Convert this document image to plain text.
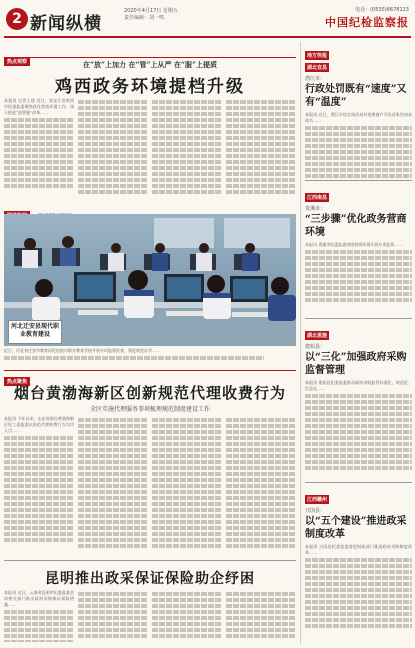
2 新闻纵横
2020年4月17日 星期五
责任编辑：刘一鸣
电话：(0535)6678123
中国纪检监察报
热点观察	在“放”上加力 在“管”上从严 在“服”上提质
鸡西政务环境提档升级
本报讯 记者王建 近日，黑龙江省鸡西市纪委监委聚焦优化营商环境工作，深入推进“放管服”改革……
河北迁安县现代职业教育建设
近日，河北省迁安市教育局纪检组对职业教育学校开展专项监督检查，督促规范办学……
热点聚焦
烟台黄渤海新区创新规范代理收费行为
全区实施代理服务事项梳理规范制度建设工作
本报讯 今年以来，山东省烟台黄渤海新区纪工委监委以规范代理收费行为为切入点……
昆明推出政采保证保险助企纾困
本报讯 近日，云南省昆明市纪委监委会同相关部门推出政府采购保证保险措施……
地方快报
湖北宜昌
潜江市：
行政处罚既有“速度”又有“温度”
本报讯 近日，潜江市综合执法局对违规商户开出首张告知承诺书……
江西南昌
贵溪市：
“三步骤”优化政务营商环境
本报讯 贵溪市纪委监委围绕营商环境开展专项监督……
湖北恩施
建始县：
以“三化”加强政府采购监督管理
本报讯 建始县纪委监委推动政府采购监管标准化、规范化、信息化……
江西赣州
兴国县：
以“五个建设”推进政采制度改革
本报讯 兴国县纪委监委督促财政部门推进政府采购制度改革……
